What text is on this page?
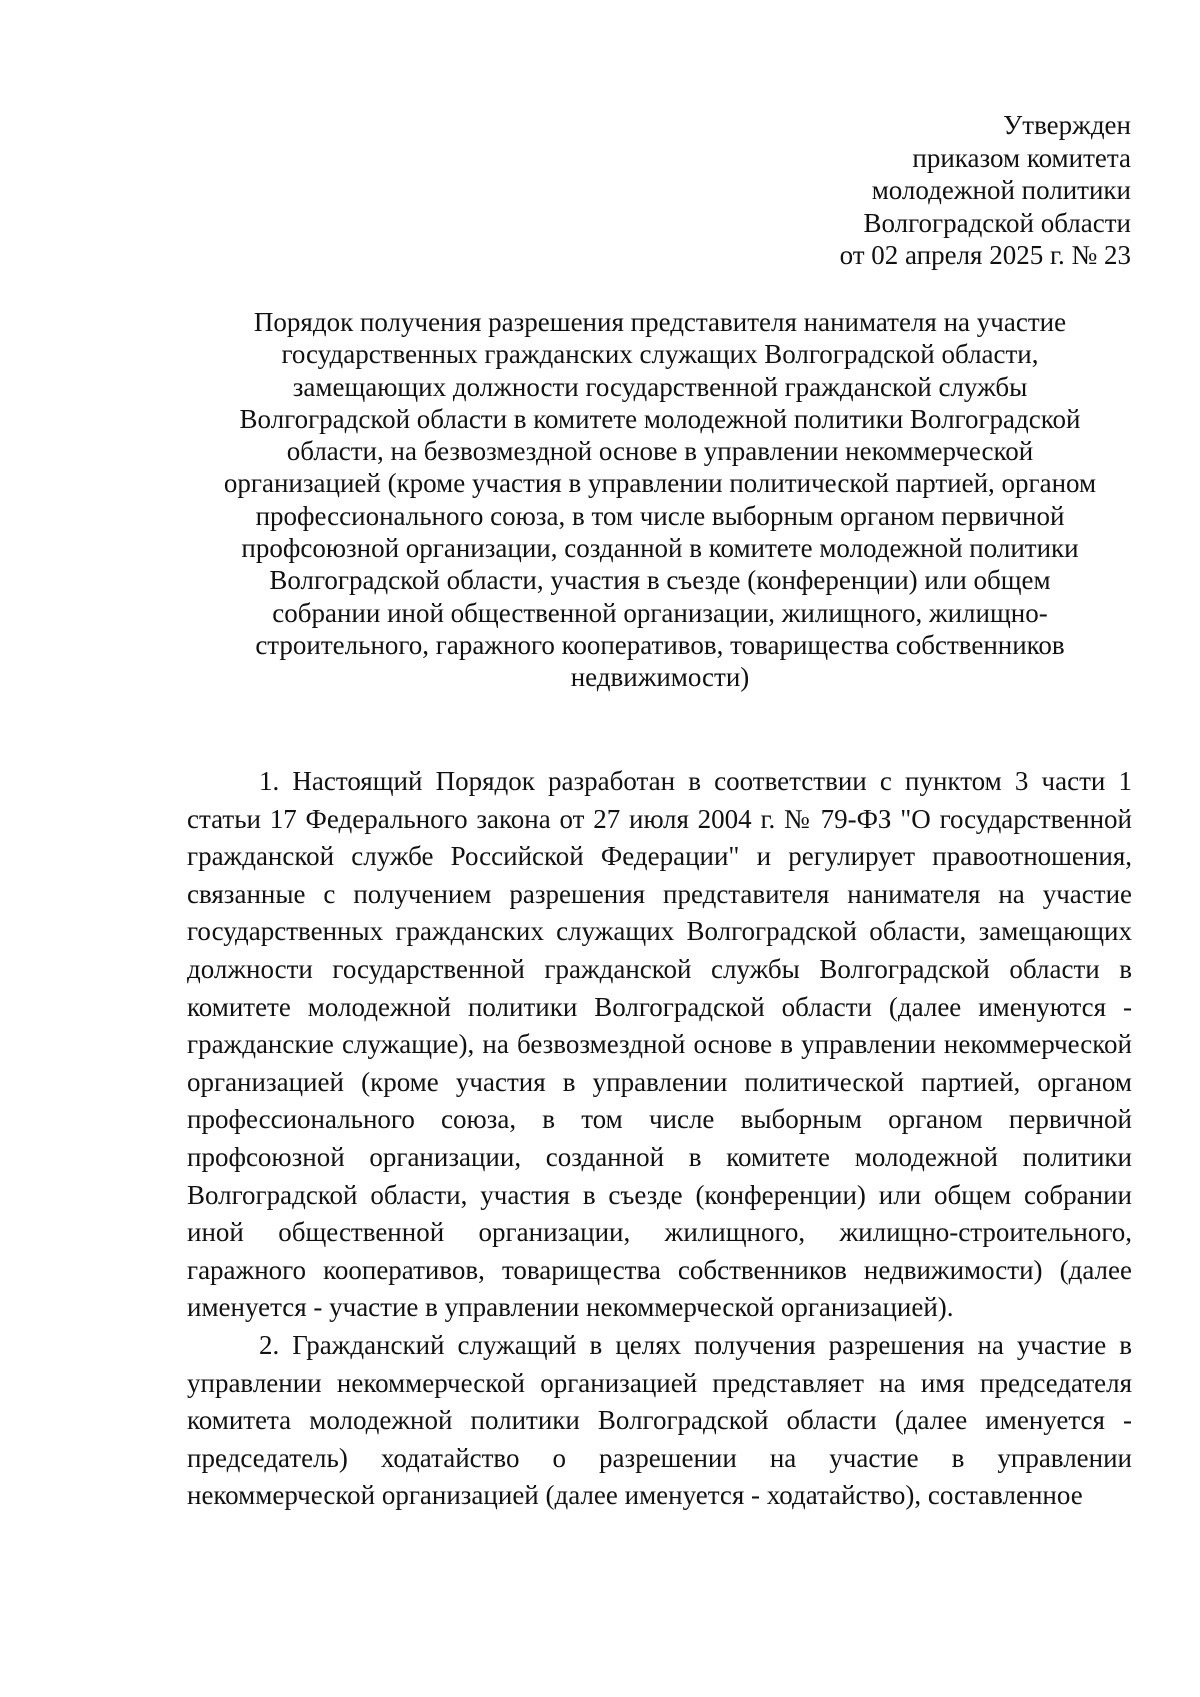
Утвержден
приказом комитета
молодежной политики
Волгоградской области
от 02 апреля 2025 г. № 23
Порядок получения разрешения представителя нанимателя на участие
государственных гражданских служащих Волгоградской области,
замещающих должности государственной гражданской службы
Волгоградской области в комитете молодежной политики Волгоградской
области, на безвозмездной основе в управлении некоммерческой
организацией (кроме участия в управлении политической партией, органом
профессионального союза, в том числе выборным органом первичной
профсоюзной организации, созданной в комитете молодежной политики
Волгоградской области, участия в съезде (конференции) или общем
собрании иной общественной организации, жилищного, жилищно-
строительного, гаражного кооперативов, товарищества собственников
недвижимости)

1. Настоящий Порядок разработан в соответствии с пунктом 3 части 1 статьи 17 Федерального закона от 27 июля 2004 г. № 79-ФЗ "О государственной гражданской службе Российской Федерации" и регулирует правоотношения, связанные с получением разрешения представителя нанимателя на участие государственных гражданских служащих Волгоградской области, замещающих должности государственной гражданской службы Волгоградской области в комитете молодежной политики Волгоградской области (далее именуются - гражданские служащие), на безвозмездной основе в управлении некоммерческой организацией (кроме участия в управлении политической партией, органом профессионального союза, в том числе выборным органом первичной профсоюзной организации, созданной в комитете молодежной политики Волгоградской области, участия в съезде (конференции) или общем собрании иной общественной организации, жилищного, жилищно-строительного, гаражного кооперативов, товарищества собственников недвижимости) (далее именуется - участие в управлении некоммерческой организацией).

2. Гражданский служащий в целях получения разрешения на участие в управлении некоммерческой организацией представляет на имя председателя комитета молодежной политики Волгоградской области (далее именуется - председатель) ходатайство о разрешении на участие в управлении некоммерческой организацией (далее именуется - ходатайство), составленное
